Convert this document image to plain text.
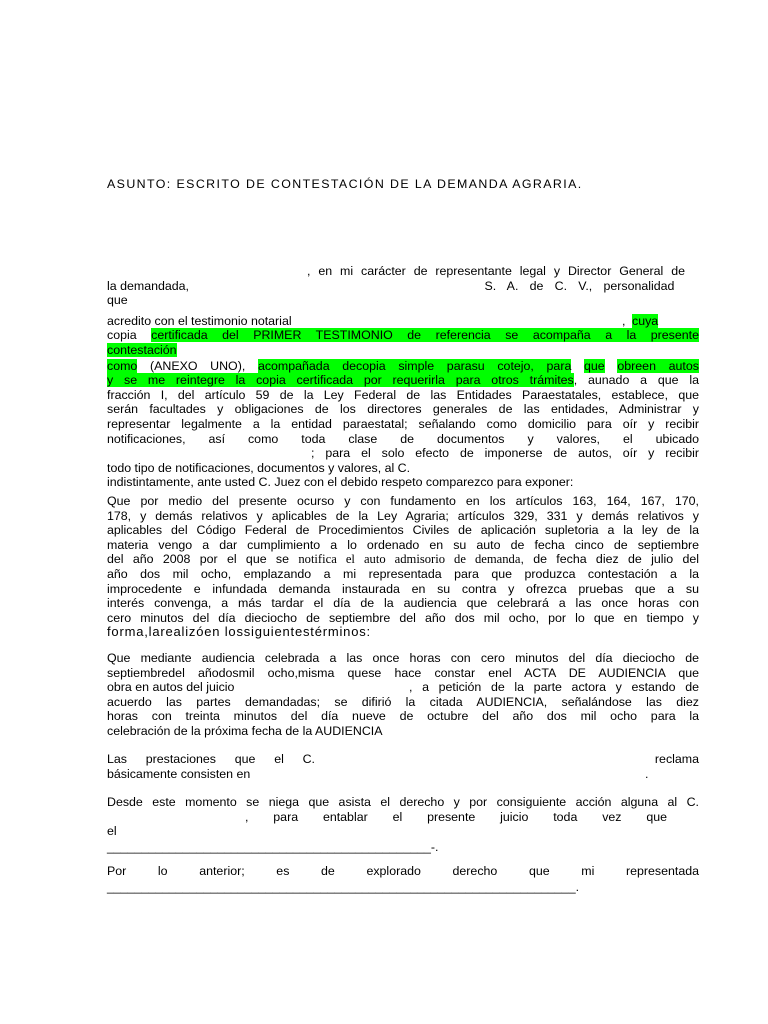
ASUNTO: ESCRITO DE CONTESTACIÓN DE LA DEMANDA AGRARIA.
, en mi carácter de representante legal y Director General de
la demandada,	S. A. de C. V., personalidad
que
acredito con el testimonio notarial	, cuya
copia certificada del PRIMER TESTIMONIO de referencia se acompaña a la presente
contestación
como (ANEXO UNO), acompañada decopia simple parasu cotejo, para que obreen autos
y se me reintegre la copia certificada por requerirla para otros trámites, aunado a que la
fracción I, del artículo 59 de la Ley Federal de las Entidades Paraestatales, establece, que
serán facultades y obligaciones de los directores generales de las entidades, Administrar y
representar legalmente a la entidad paraestatal; señalando como domicilio para oír y recibir
notificaciones, así como toda clase de documentos y valores, el ubicado
; para el solo efecto de imponerse de autos, oír y recibir
todo tipo de notificaciones, documentos y valores, al C.
indistintamente, ante usted C. Juez con el debido respeto comparezco para exponer:
Que por medio del presente ocurso y con fundamento en los artículos 163, 164, 167, 170,
178, y demás relativos y aplicables de la Ley Agraria; artículos 329, 331 y demás relativos y
aplicables del Código Federal de Procedimientos Civiles de aplicación supletoria a la ley de la
materia vengo a dar cumplimiento a lo ordenado en su auto de fecha cinco de septiembre
del año 2008 por el que se notifica el auto admisorio de demanda, de fecha diez de julio del
año dos mil ocho, emplazando a mi representada para que produzca contestación a la
improcedente e infundada demanda instaurada en su contra y ofrezca pruebas que a su
interés convenga, a más tardar el día de la audiencia que celebrará a las once horas con
cero minutos del día dieciocho de septiembre del año dos mil ocho, por lo que en tiempo y
forma,larealizóen lossiguientestérminos:
Que mediante audiencia celebrada a las once horas con cero minutos del día dieciocho de
septiembredel añodosmil ocho,misma quese hace constar enel ACTA DE AUDIENCIA que
obra en autos del juicio	, a petición de la parte actora y estando de
acuerdo las partes demandadas; se difirió la citada AUDIENCIA, señalándose las diez
horas con treinta minutos del día nueve de octubre del año dos mil ocho para la
celebración de la próxima fecha de la AUDIENCIA
Las prestaciones que el C.	reclama
básicamente consisten en	.
Desde este momento se niega que asista el derecho y por consiguiente acción alguna al C.
, para entablar el presente juicio toda vez que
el
_______________________________________________-.
Por lo anterior; es de explorado derecho que mi representada
____________________________________________________________________.
